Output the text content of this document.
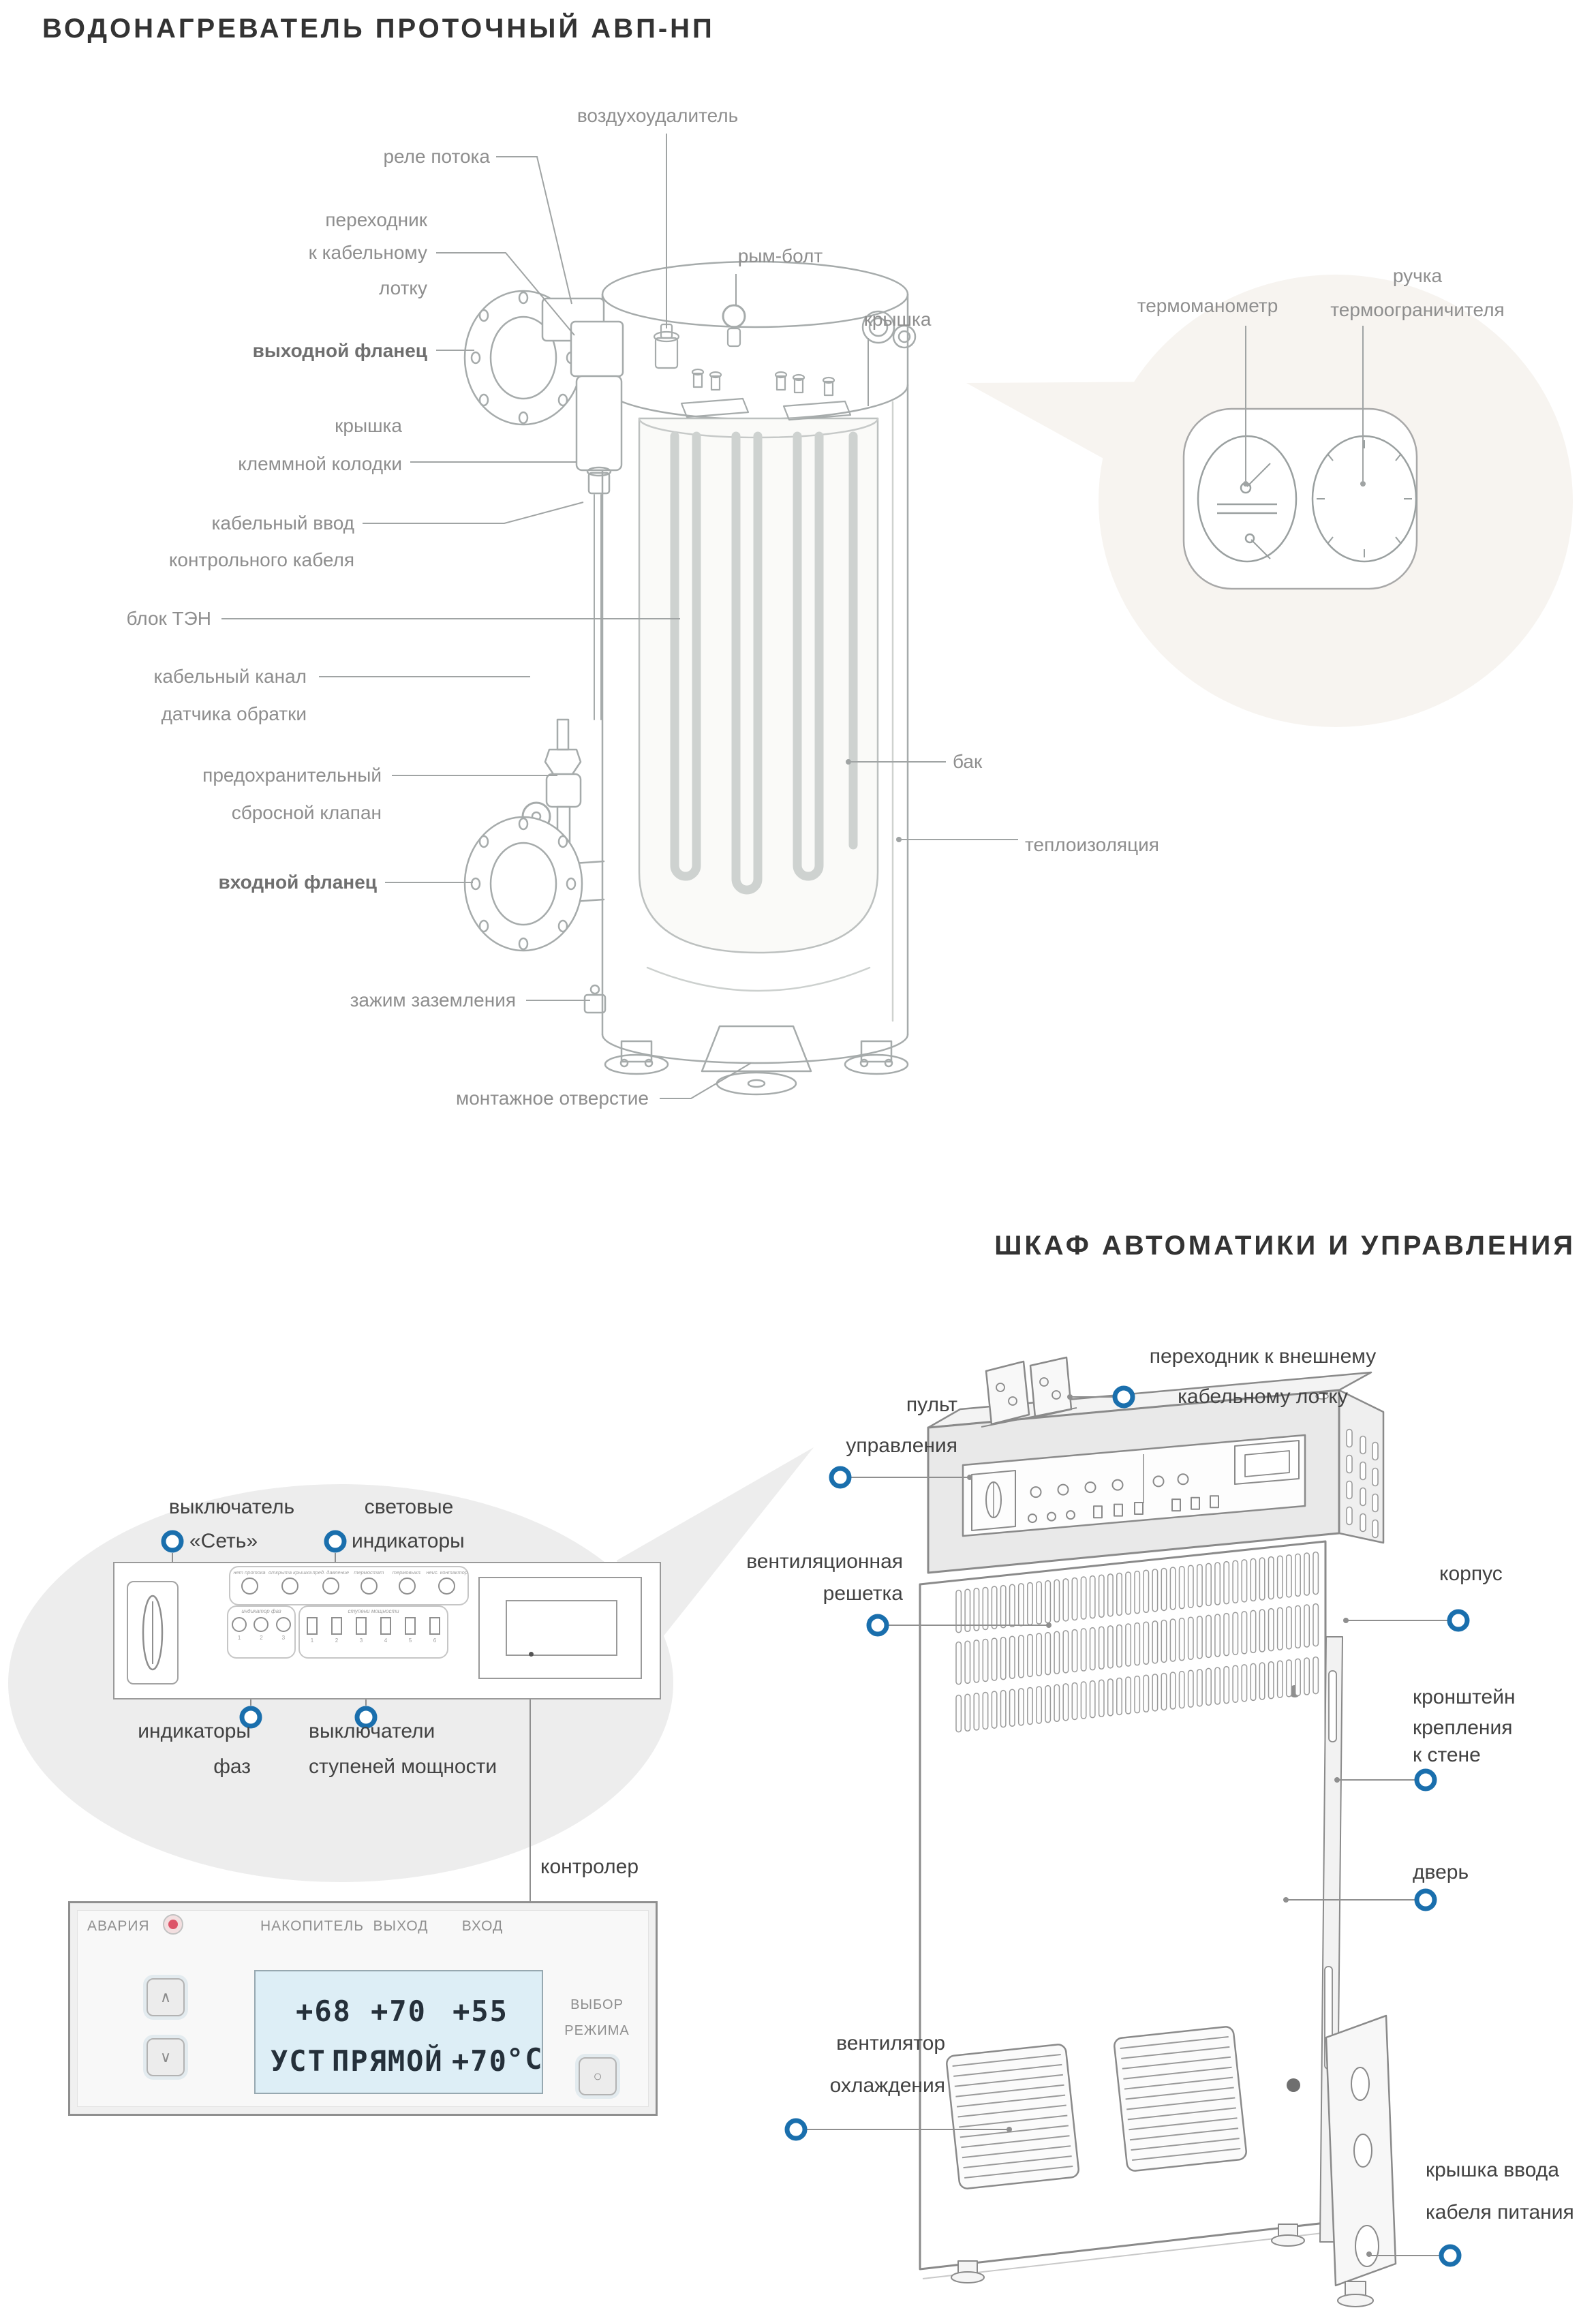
ВОДОНАГРЕВАТЕЛЬ ПРОТОЧНЫЙ АВП-НП
ШКАФ АВТОМАТИКИ И УПРАВЛЕНИЯ
воздухоудалитель
реле потока
рым-болт
крышка
переходник
к кабельному
лотку
выходной фланец
крышка
клеммной колодки
кабельный ввод
контрольного кабеля
блок ТЭН
кабельный канал
датчика обратки
предохранительный
сбросной клапан
входной фланец
зажим заземления
монтажное отверстие
бак
теплоизоляция
термоманометр
ручка
термоограничителя
переходник к внешнему
кабельному лотку
пульт
управления
корпус
вентиляционная
решетка
кронштейн
крепления
к стене
дверь
вентилятор
охлаждения
крышка ввода
кабеля питания
контролер
выключатель
«Сеть»
световые
индикаторы
индикаторы
фаз
выключатели
ступеней мощности
нет протока открыта крышка пред. давление термостат	термовыкл. неис. контактор
индикатор фаз
1	2	3
ступени мощности
1	2	3	4	5	6
АВАРИЯ	НАКОПИТЕЛЬ ВЫХОД	ВХОД
∧
∨
+68 +70 +55
УСТ ПРЯМОЙ +70
°C
ВЫБОР
РЕЖИМА
○
